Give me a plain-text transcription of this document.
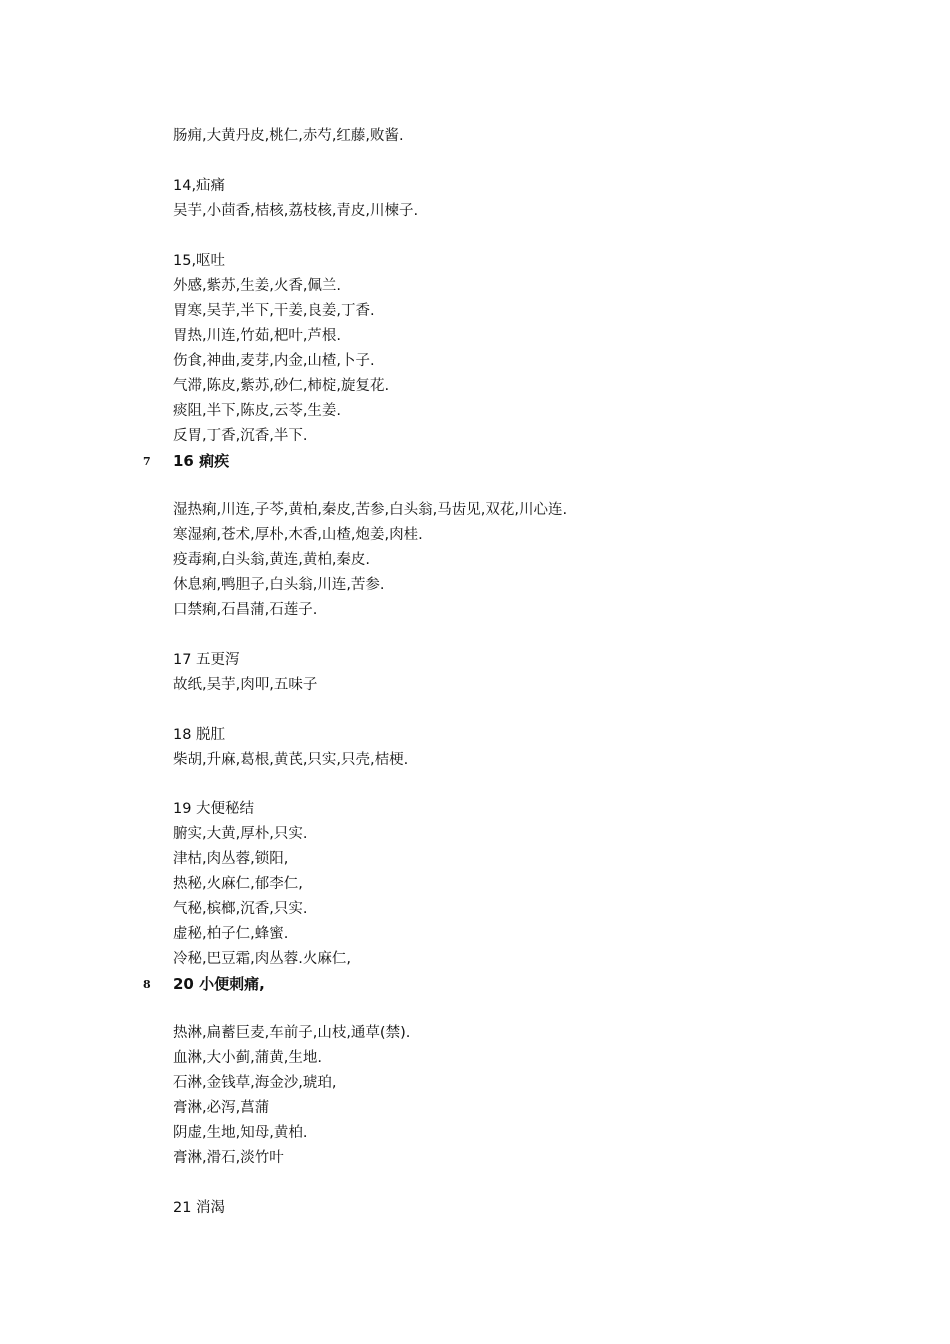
肠痈,大黄丹皮,桃仁,赤芍,红藤,败酱.
14,疝痛
吴芋,小茴香,桔核,荔枝核,青皮,川楝子.
15,呕吐
外感,紫苏,生姜,火香,佩兰.
胃寒,吴芋,半下,干姜,良姜,丁香.
胃热,川连,竹茹,杷叶,芦根.
伤食,神曲,麦芽,内金,山楂,卜子.
气滞,陈皮,紫苏,砂仁,柿椗,旋复花.
痰阻,半下,陈皮,云苓,生姜.
反胃,丁香,沉香,半下.
7 16 痢疾
湿热痢,川连,子芩,黄柏,秦皮,苦参,白头翁,马齿见,双花,川心连.
寒湿痢,苍术,厚朴,木香,山楂,炮姜,肉桂.
疫毒痢,白头翁,黄连,黄柏,秦皮.
休息痢,鸭胆子,白头翁,川连,苦参.
口禁痢,石昌蒲,石莲子.
17 五更泻
故纸,吴芋,肉叩,五味子
18 脱肛
柴胡,升麻,葛根,黄芪,只实,只壳,桔梗.
19 大便秘结
腑实,大黄,厚朴,只实.
津枯,肉丛蓉,锁阳,
热秘,火麻仁,郁李仁,
气秘,槟榔,沉香,只实.
虚秘,柏子仁,蜂蜜.
冷秘,巴豆霜,肉丛蓉.火麻仁,
8 20 小便刺痛,
热淋,扁蓄巨麦,车前子,山枝,通草(禁).
血淋,大小蓟,蒲黄,生地.
石淋,金钱草,海金沙,琥珀,
膏淋,必泻,菖蒲
阴虚,生地,知母,黄柏.
膏淋,滑石,淡竹叶
21 消渴
